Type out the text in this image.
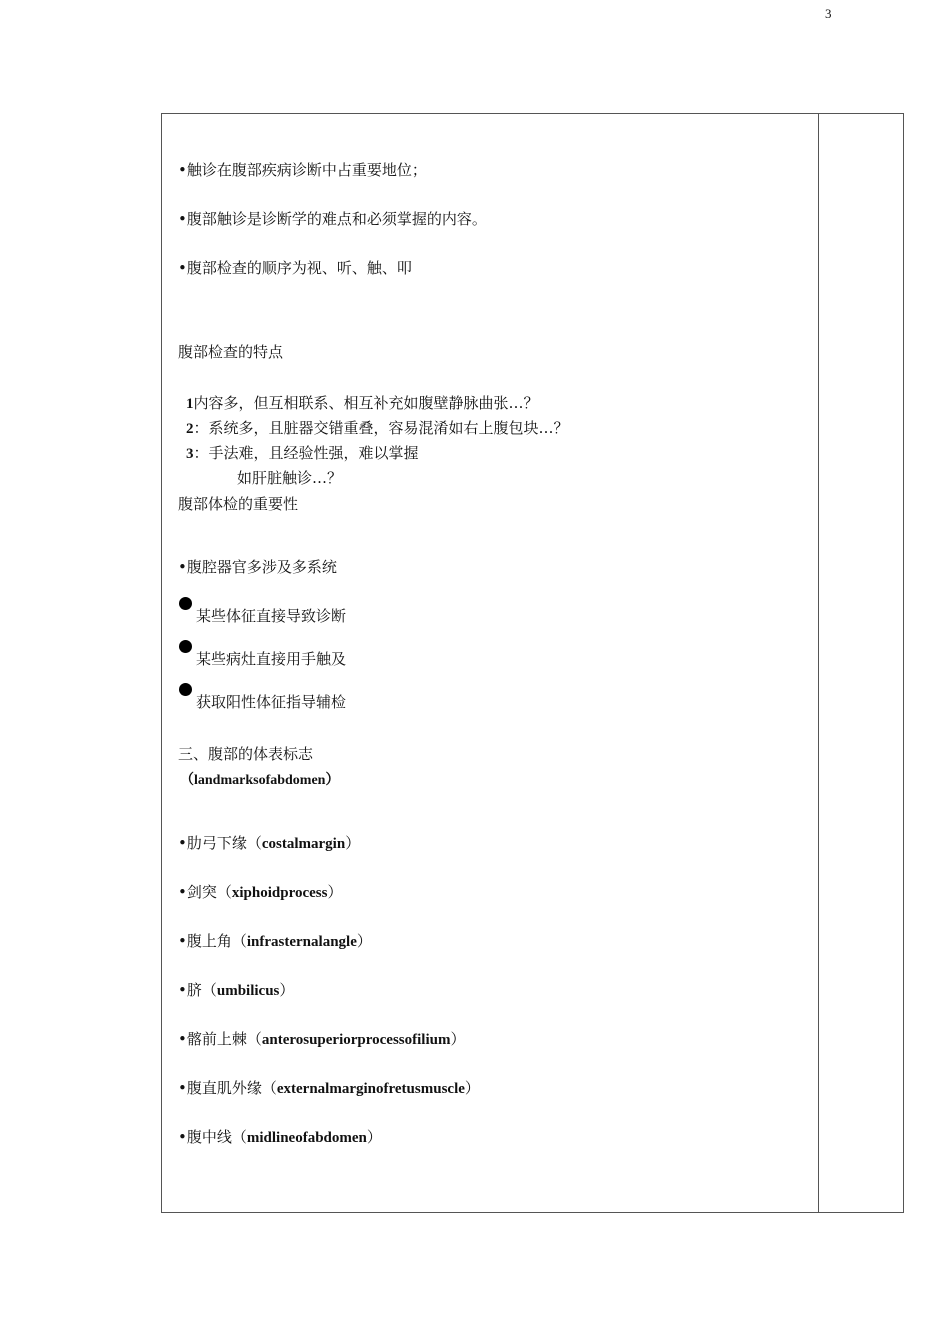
3
•触诊在腹部疾病诊断中占重要地位；
•腹部触诊是诊断学的难点和必须掌握的内容。
•腹部检查的顺序为视、听、触、叩
腹部检查的特点
1内容多，但互相联系、相互补充如腹壁静脉曲张…？
2：系统多，且脏器交错重叠，容易混淆如右上腹包块…？
3：手法难，且经验性强，难以掌握
如肝脏触诊…？
腹部体检的重要性
•腹腔器官多涉及多系统
某些体征直接导致诊断
某些病灶直接用手触及
获取阳性体征指导辅检
三、腹部的体表标志
（landmarksofabdomen）
•肋弓下缘（costalmargin）
•剑突（xiphoidprocess）
•腹上角（infrasternalangle）
•脐（umbilicus）
•髂前上棘（anterosuperiorprocessofilium）
•腹直肌外缘（externalmarginofretusmuscle）
•腹中线（midlineofabdomen）
